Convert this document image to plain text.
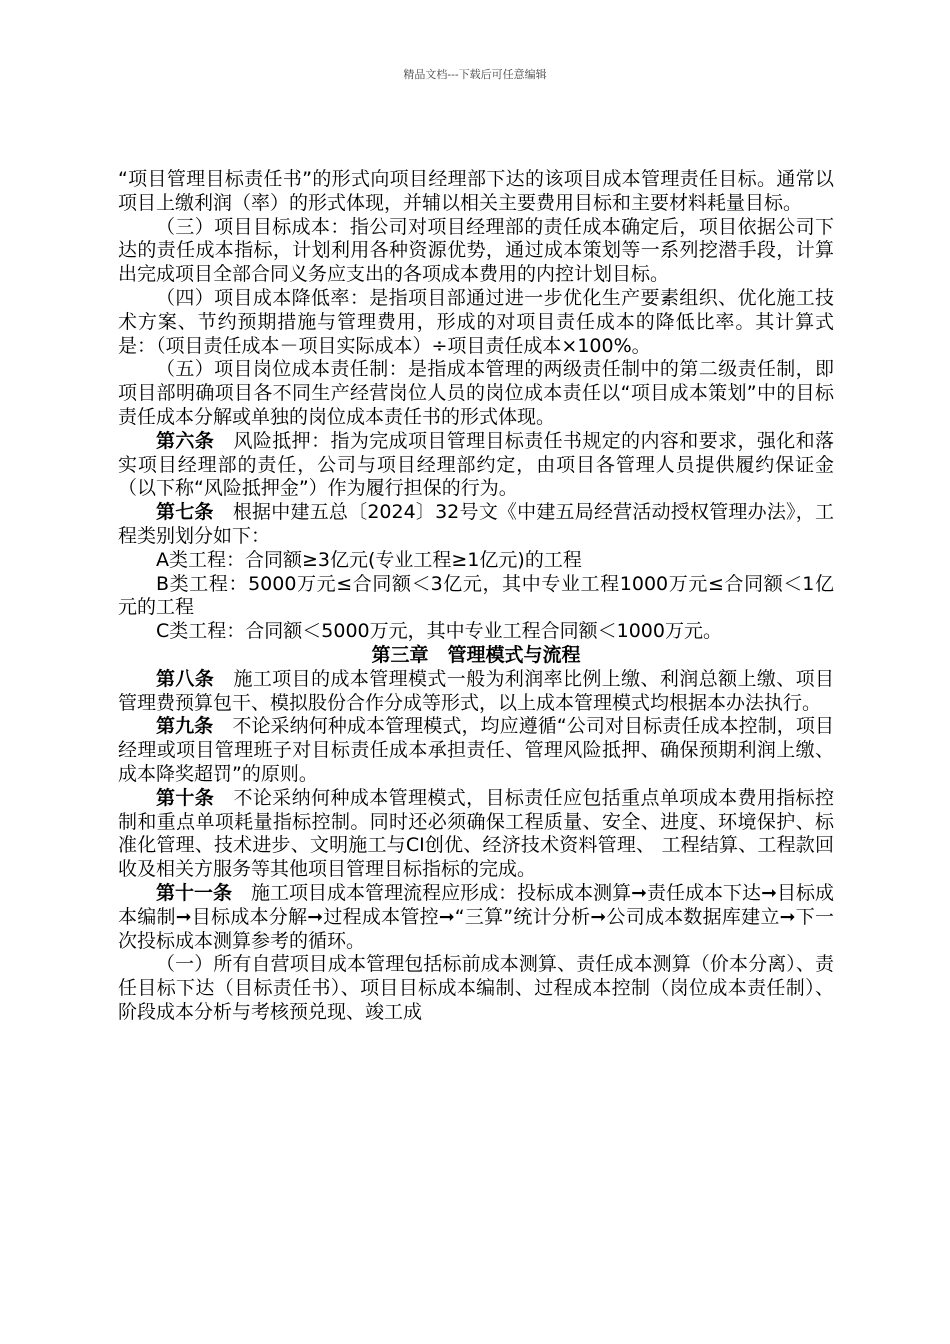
精品文档---下载后可任意编辑

“项目管理目标责任书”的形式向项目经理部下达的该项目成本管理责任目标。通常以项目上缴利润（率）的形式体现，并辅以相关主要费用目标和主要材料耗量目标。

（三）项目目标成本：指公司对项目经理部的责任成本确定后，项目依据公司下达的责任成本指标，计划利用各种资源优势，通过成本策划等一系列挖潜手段，计算出完成项目全部合同义务应支出的各项成本费用的内控计划目标。

（四）项目成本降低率：是指项目部通过进一步优化生产要素组织、优化施工技术方案、节约预期措施与管理费用，形成的对项目责任成本的降低比率。其计算式是：（项目责任成本－项目实际成本）÷项目责任成本×100%。

（五）项目岗位成本责任制：是指成本管理的两级责任制中的第二级责任制，即项目部明确项目各不同生产经营岗位人员的岗位成本责任以“项目成本策划”中的目标责任成本分解或单独的岗位成本责任书的形式体现。

第六条 风险抵押：指为完成项目管理目标责任书规定的内容和要求，强化和落实项目经理部的责任，公司与项目经理部约定，由项目各管理人员提供履约保证金（以下称“风险抵押金”）作为履行担保的行为。

第七条 根据中建五总〔2024〕32号文《中建五局经营活动授权管理办法》，工程类别划分如下：

A类工程：合同额≥3亿元(专业工程≥1亿元)的工程

B类工程：5000万元≤合同额＜3亿元，其中专业工程1000万元≤合同额＜1亿元的工程

C类工程：合同额＜5000万元，其中专业工程合同额＜1000万元。

第三章　管理模式与流程

第八条 施工项目的成本管理模式一般为利润率比例上缴、利润总额上缴、项目管理费预算包干、模拟股份合作分成等形式，以上成本管理模式均根据本办法执行。

第九条 不论采纳何种成本管理模式，均应遵循“公司对目标责任成本控制，项目经理或项目管理班子对目标责任成本承担责任、管理风险抵押、确保预期利润上缴、成本降奖超罚”的原则。

第十条 不论采纳何种成本管理模式，目标责任应包括重点单项成本费用指标控制和重点单项耗量指标控制。同时还必须确保工程质量、安全、进度、环境保护、标准化管理、技术进步、文明施工与CI创优、经济技术资料管理、 工程结算、工程款回收及相关方服务等其他项目管理目标指标的完成。

第十一条 施工项目成本管理流程应形成：投标成本测算➞责任成本下达➞目标成本编制➞目标成本分解➞过程成本管控➞“三算”统计分析➞公司成本数据库建立➞下一次投标成本测算参考的循环。

（一）所有自营项目成本管理包括标前成本测算、责任成本测算（价本分离）、责任目标下达（目标责任书）、项目目标成本编制、过程成本控制（岗位成本责任制）、阶段成本分析与考核预兑现、竣工成
